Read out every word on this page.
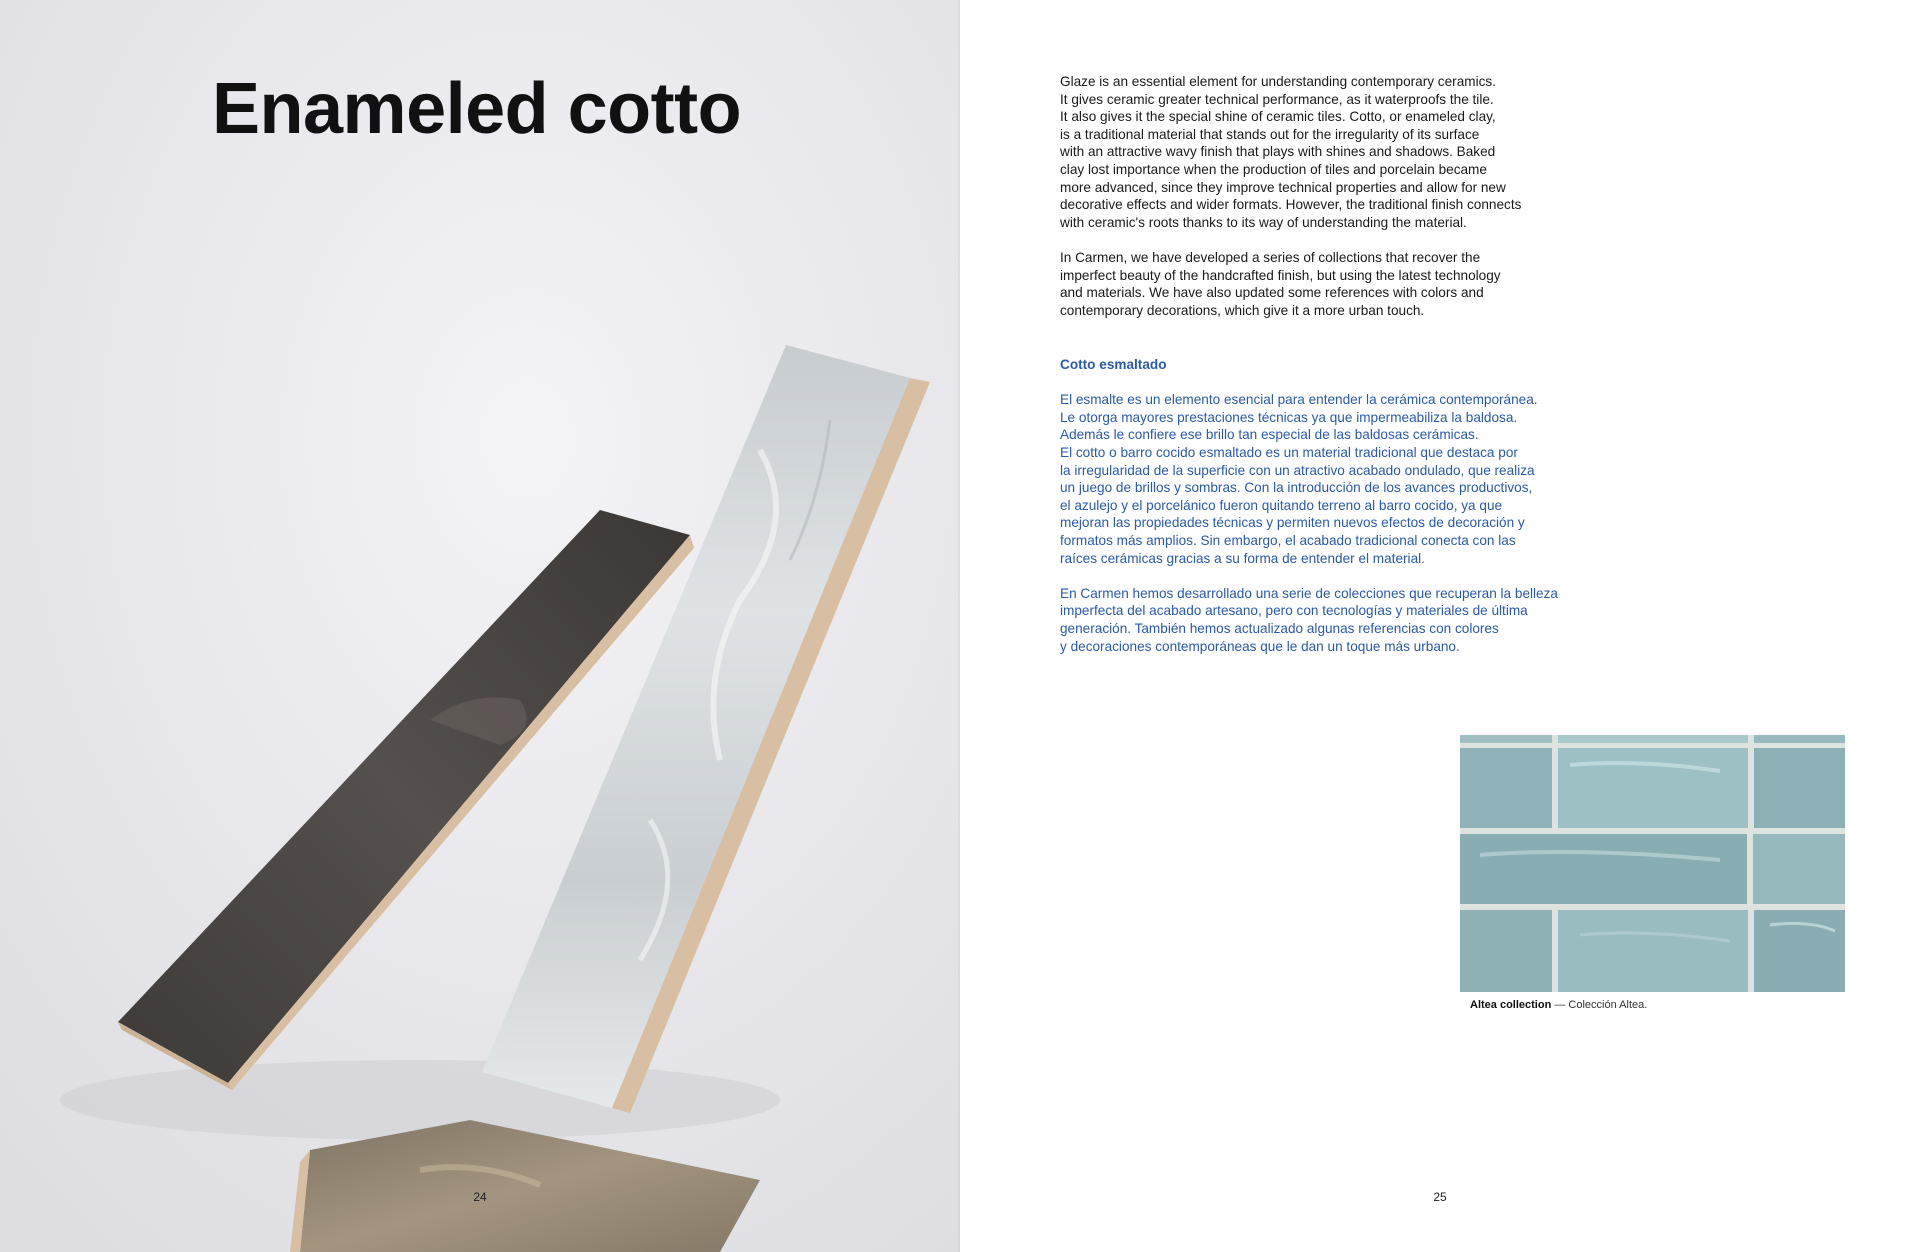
Enameled cotto
24

Glaze is an essential element for understanding contemporary ceramics.
It gives ceramic greater technical performance, as it waterproofs the tile.
It also gives it the special shine of ceramic tiles. Cotto, or enameled clay,
is a traditional material that stands out for the irregularity of its surface
with an attractive wavy finish that plays with shines and shadows. Baked
clay lost importance when the production of tiles and porcelain became
more advanced, since they improve technical properties and allow for new
decorative effects and wider formats. However, the traditional finish connects
with ceramic's roots thanks to its way of understanding the material.

In Carmen, we have developed a series of collections that recover the
imperfect beauty of the handcrafted finish, but using the latest technology
and materials. We have also updated some references with colors and
contemporary decorations, which give it a more urban touch.

Cotto esmaltado

El esmalte es un elemento esencial para entender la cerámica contemporánea.
Le otorga mayores prestaciones técnicas ya que impermeabiliza la baldosa.
Además le confiere ese brillo tan especial de las baldosas cerámicas.
El cotto o barro cocido esmaltado es un material tradicional que destaca por
la irregularidad de la superficie con un atractivo acabado ondulado, que realiza
un juego de brillos y sombras. Con la introducción de los avances productivos,
el azulejo y el porcelánico fueron quitando terreno al barro cocido, ya que
mejoran las propiedades técnicas y permiten nuevos efectos de decoración y
formatos más amplios. Sin embargo, el acabado tradicional conecta con las
raíces cerámicas gracias a su forma de entender el material.

En Carmen hemos desarrollado una serie de colecciones que recuperan la belleza
imperfecta del acabado artesano, pero con tecnologías y materiales de última
generación. También hemos actualizado algunas referencias con colores
y decoraciones contemporáneas que le dan un toque más urbano.

Altea collection — Colección Altea.
25
